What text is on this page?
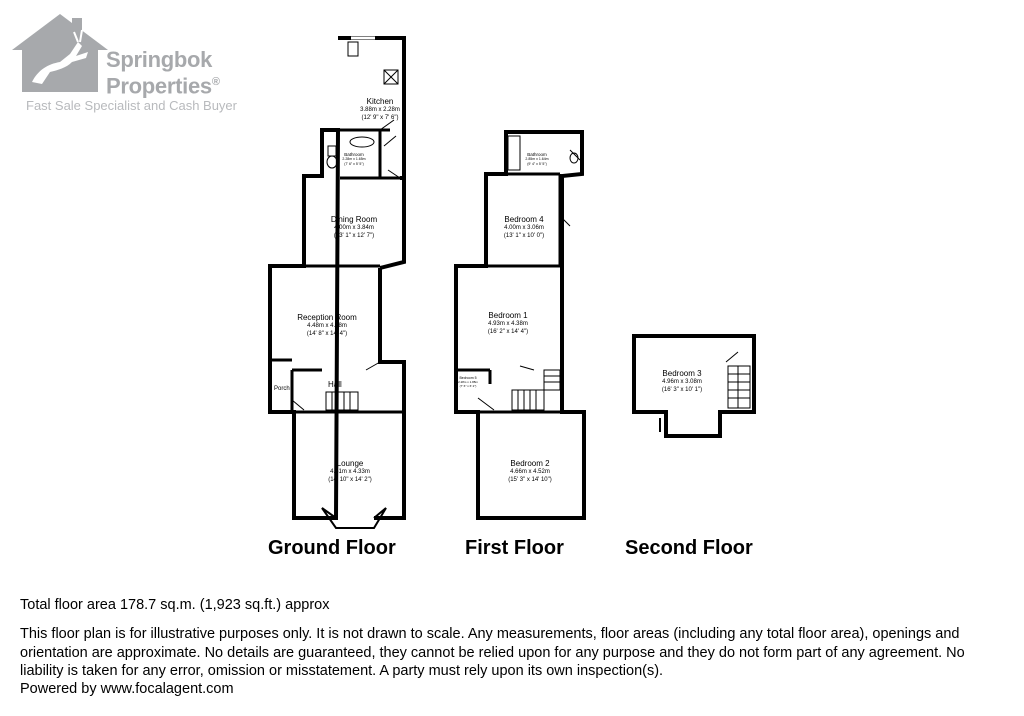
Springbok
Properties®
Fast Sale Specialist and Cash Buyer	Kitchen
3.88m x 2.28m
(12' 9" x 7' 6")
Bathroom
2.28m x 1.65m
(7' 6" x 5' 5")
Dining Room
4.00m x 3.84m
(13' 1" x 12' 7")
Reception Room
4.48m x 4.38m
(14' 8" x 14' 4")
Porch	Hall
Lounge
4.51m x 4.33m
(14' 10" x 14' 2")
Bathroom
2.85m x 1.64m
(9' 4" x 5' 5")
Bedroom 4
4.00m x 3.06m
(13' 1" x 10' 0")
Bedroom 1
4.93m x 4.38m
(16' 2" x 14' 4")
Bedroom 5
2.28m x 1.88m
(7' 6" x 6' 2")
Bedroom 2
4.66m x 4.52m
(15' 3" x 14' 10")
Bedroom 3
4.96m x 3.08m
(16' 3" x 10' 1")
Ground Floor	First Floor	Second Floor
Total floor area 178.7 sq.m. (1,923 sq.ft.) approx
This floor plan is for illustrative purposes only. It is not drawn to scale. Any measurements, floor areas (including any total floor area), openings and orientation are approximate. No details are guaranteed, they cannot be relied upon for any purpose and they do not form part of any agreement. No liability is taken for any error, omission or misstatement. A party must rely upon its own inspection(s).
Powered by www.focalagent.com
